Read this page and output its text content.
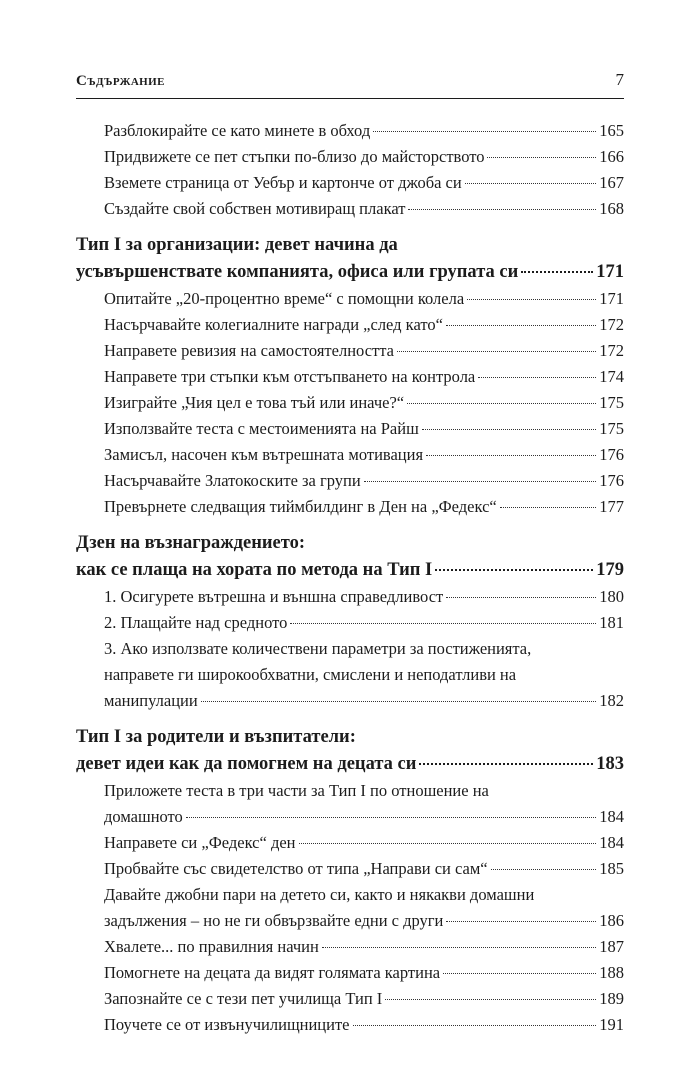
Съдържание	7
Разблокирайте се като минете в обход	165
Придвижете се пет стъпки по-близо до майсторството	166
Вземете страница от Уебър и картонче от джоба си	167
Създайте свой собствен мотивиращ плакат	168
Тип I за организации: девет начина да
усъвършенствате компанията, офиса или групата си	171
Опитайте „20-процентно време“ с помощни колела	171
Насърчавайте колегиалните награди „след като“	172
Направете ревизия на самостоятелността	172
Направете три стъпки към отстъпването на контрола	174
Изиграйте „Чия цел е това тъй или иначе?“	175
Използвайте теста с местоименията на Райш	175
Замисъл, насочен към вътрешната мотивация	176
Насърчавайте Златокоските за групи	176
Превърнете следващия тиймбилдинг в Ден на „Федекс“	177
Дзен на възнаграждението:
как се плаща на хората по метода на Тип I	179
1. Осигурете вътрешна и външна справедливост	180
2. Плащайте над средното	181
3. Ако използвате количествени параметри за постиженията,
направете ги широкообхватни, смислени и неподатливи на
манипулации	182
Тип I за родители и възпитатели:
девет идеи как да помогнем на децата си	183
Приложете теста в три части за Тип I по отношение на
домашното	184
Направете си „Федекс“ ден	184
Пробвайте със свидетелство от типа „Направи си сам“	185
Давайте джобни пари на детето си, както и някакви домашни
задължения – но не ги обвързвайте едни с други	186
Хвалете... по правилния начин	187
Помогнете на децата да видят голямата картина	188
Запознайте се с тези пет училища Тип I	189
Поучете се от извънучилищниците	191
